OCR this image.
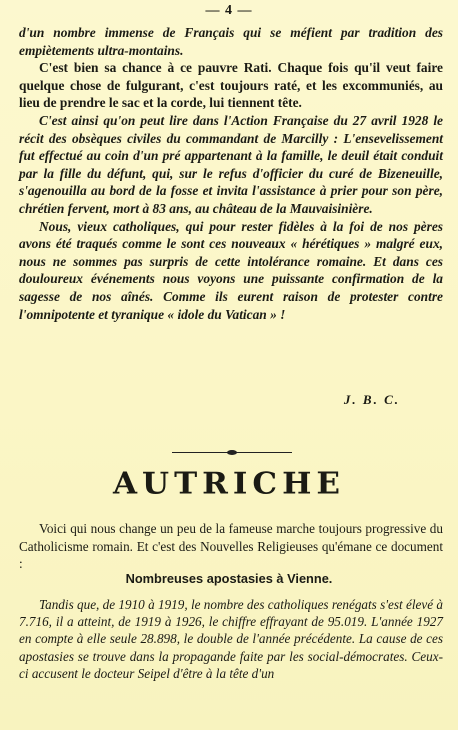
— 4 —

d'un nombre immense de Français qui se méfient par tradition des empiètements ultra-montains.

C'est bien sa chance à ce pauvre Rati. Chaque fois qu'il veut faire quelque chose de fulgurant, c'est toujours raté, et les excommuniés, au lieu de prendre le sac et la corde, lui tiennent tête.

C'est ainsi qu'on peut lire dans l'Action Française du 27 avril 1928 le récit des obsèques civiles du commandant de Marcilly : L'ensevelissement fut effectué au coin d'un pré appartenant à la famille, le deuil était conduit par la fille du défunt, qui, sur le refus d'officier du curé de Bizeneuille, s'agenouilla au bord de la fosse et invita l'assistance à prier pour son père, chrétien fervent, mort à 83 ans, au château de la Mauvaisinière.

Nous, vieux catholiques, qui pour rester fidèles à la foi de nos pères avons été traqués comme le sont ces nouveaux « hérétiques » malgré eux, nous ne sommes pas surpris de cette intolérance romaine. Et dans ces douloureux événements nous voyons une puissante confirmation de la sagesse de nos aînés. Comme ils eurent raison de protester contre l'omnipotente et tyranique « idole du Vatican » !

J. B. C.
AUTRICHE

Voici qui nous change un peu de la fameuse marche toujours progressive du Catholicisme romain. Et c'est des Nouvelles Religieuses qu'émane ce document :

Nombreuses apostasies à Vienne.

Tandis que, de 1910 à 1919, le nombre des catholiques renégats s'est élevé à 7.716, il a atteint, de 1919 à 1926, le chiffre effrayant de 95.019. L'année 1927 en compte à elle seule 28.898, le double de l'année précédente. La cause de ces apostasies se trouve dans la propagande faite par les social-démocrates. Ceux-ci accusent le docteur Seipel d'être à la tête d'un
